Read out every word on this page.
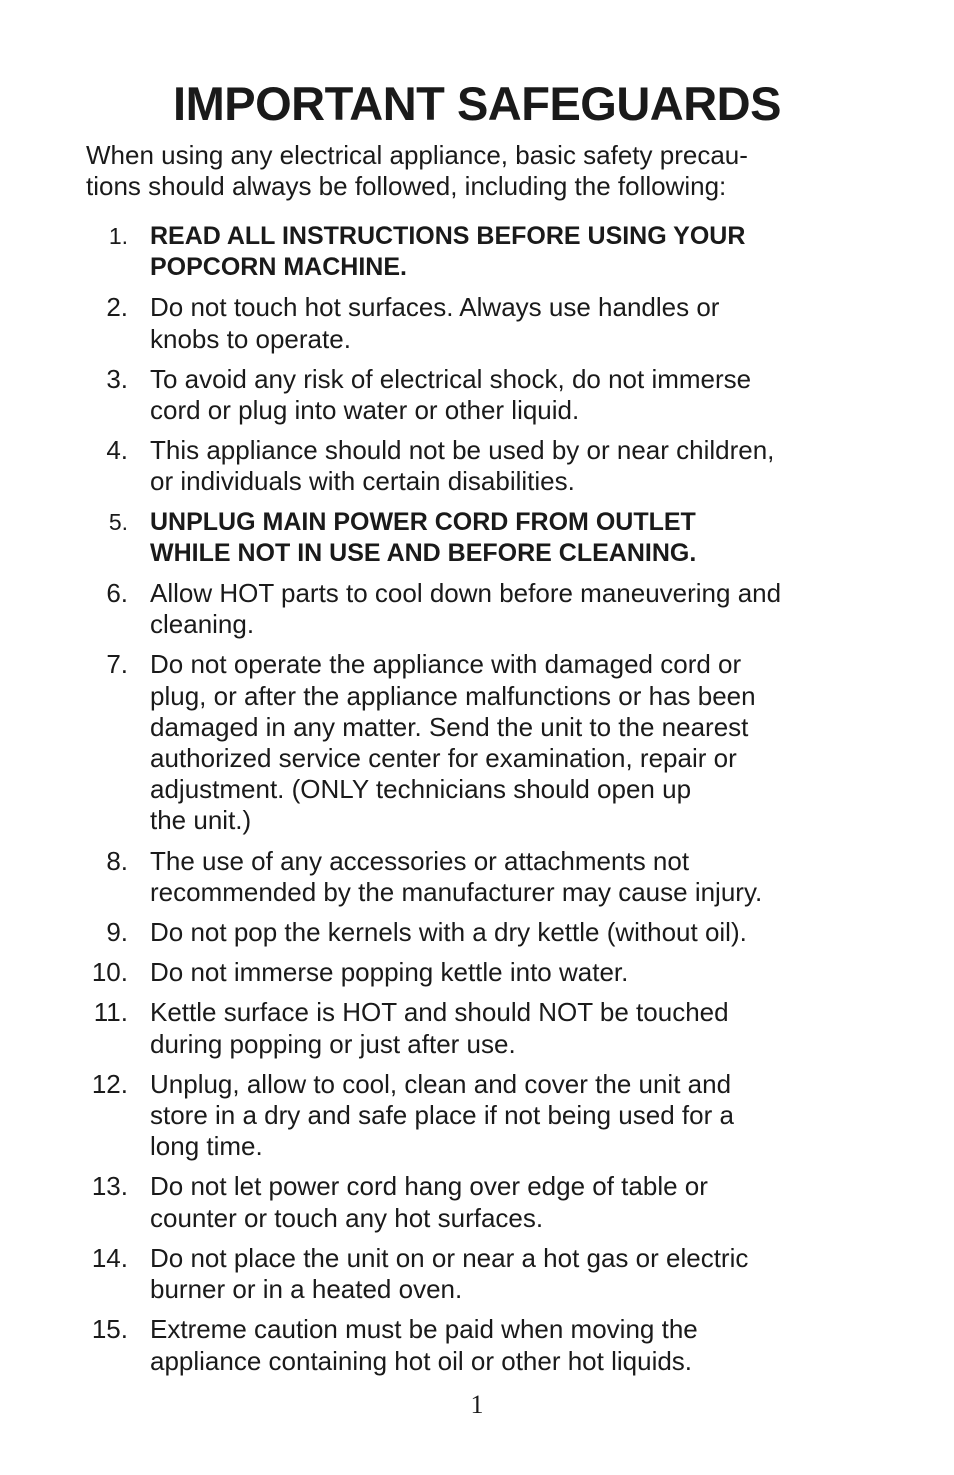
IMPORTANT SAFEGUARDS

When using any electrical appliance, basic safety precau-
tions should always be followed, including the following:

1. READ ALL INSTRUCTIONS BEFORE USING YOUR
POPCORN MACHINE.
2. Do not touch hot surfaces. Always use handles or
knobs to operate.
3. To avoid any risk of electrical shock, do not immerse
cord or plug into water or other liquid.
4. This appliance should not be used by or near children,
or individuals with certain disabilities.
5. UNPLUG MAIN POWER CORD FROM OUTLET
WHILE NOT IN USE AND BEFORE CLEANING.
6. Allow HOT parts to cool down before maneuvering and
cleaning.
7. Do not operate the appliance with damaged cord or
plug, or after the appliance malfunctions or has been
damaged in any matter. Send the unit to the nearest
authorized service center for examination, repair or
adjustment. (ONLY technicians should open up
the unit.)
8. The use of any accessories or attachments not
recommended by the manufacturer may cause injury.
9. Do not pop the kernels with a dry kettle (without oil).
10. Do not immerse popping kettle into water.
11. Kettle surface is HOT and should NOT be touched
during popping or just after use.
12. Unplug, allow to cool, clean and cover the unit and
store in a dry and safe place if not being used for a
long time.
13. Do not let power cord hang over edge of table or
counter or touch any hot surfaces.
14. Do not place the unit on or near a hot gas or electric
burner or in a heated oven.
15. Extreme caution must be paid when moving the
appliance containing hot oil or other hot liquids.
1
